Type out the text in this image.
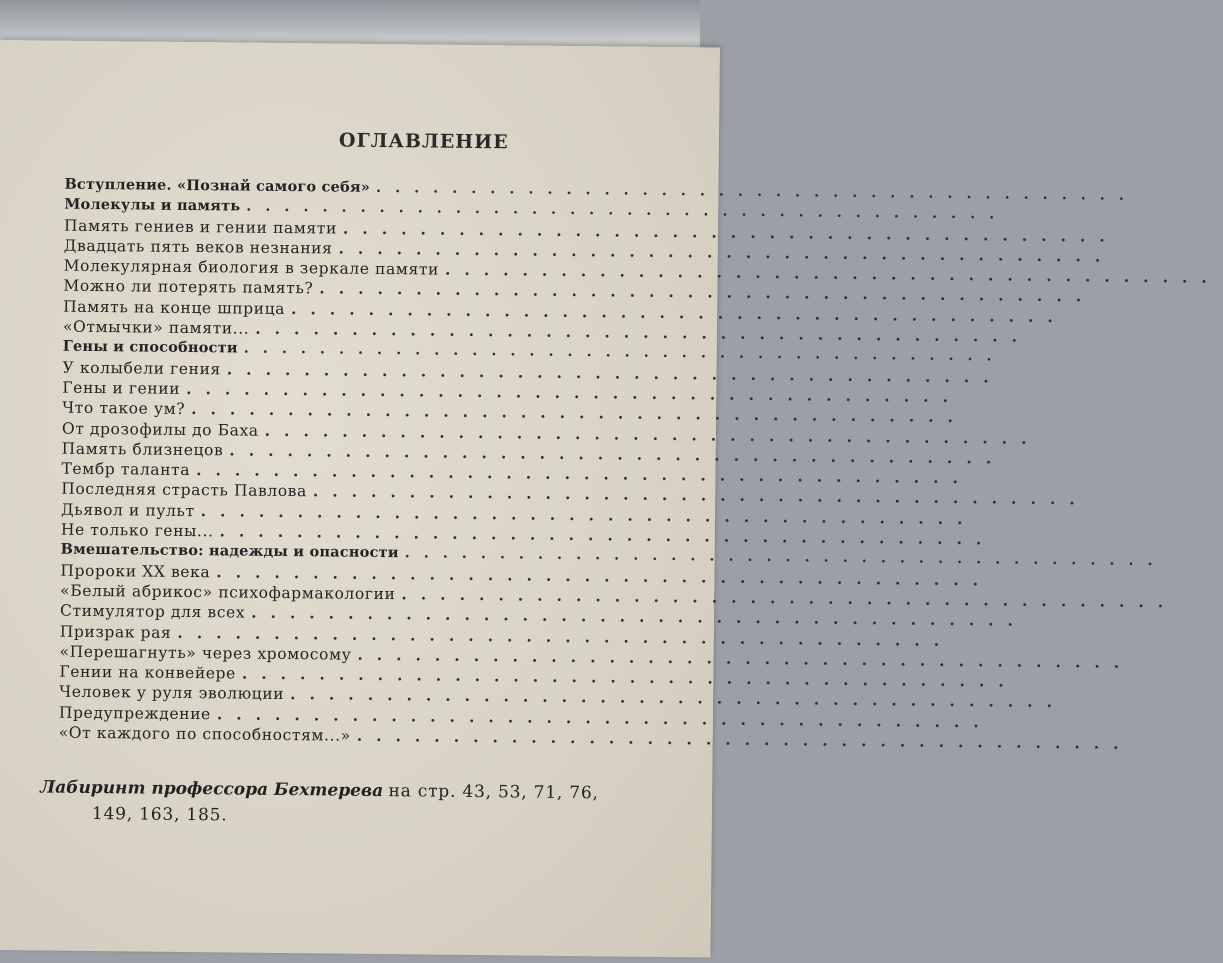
ОГЛАВЛЕНИЕ
Вступление. «Познай самого себя» ........................................
Молекулы и память ........................................
Память гениев и гении памяти ........................................
Двадцать пять веков незнания ........................................
Молекулярная биология в зеркале памяти ........................................
Можно ли потерять память? ........................................
Память на конце шприца ........................................
«Отмычки» памяти... ........................................
Гены и способности ........................................
У колыбели гения ........................................
Гены и гении ........................................
Что такое ум? ........................................
От дрозофилы до Баха ........................................
Память близнецов ........................................
Тембр таланта ........................................
Последняя страсть Павлова ........................................
Дьявол и пульт ........................................
Не только гены... ........................................
Вмешательство: надежды и опасности ........................................
Пророки XX века ........................................
«Белый абрикос» психофармакологии ........................................
Стимулятор для всех ........................................
Призрак рая ........................................
«Перешагнуть» через хромосому ........................................
Гении на конвейере ........................................
Человек у руля эволюции ........................................
Предупреждение ........................................
«От каждого по способностям...» ........................................
Лабиринт профессора Бехтерева на стр. 43, 53, 71, 76,
149, 163, 185.
